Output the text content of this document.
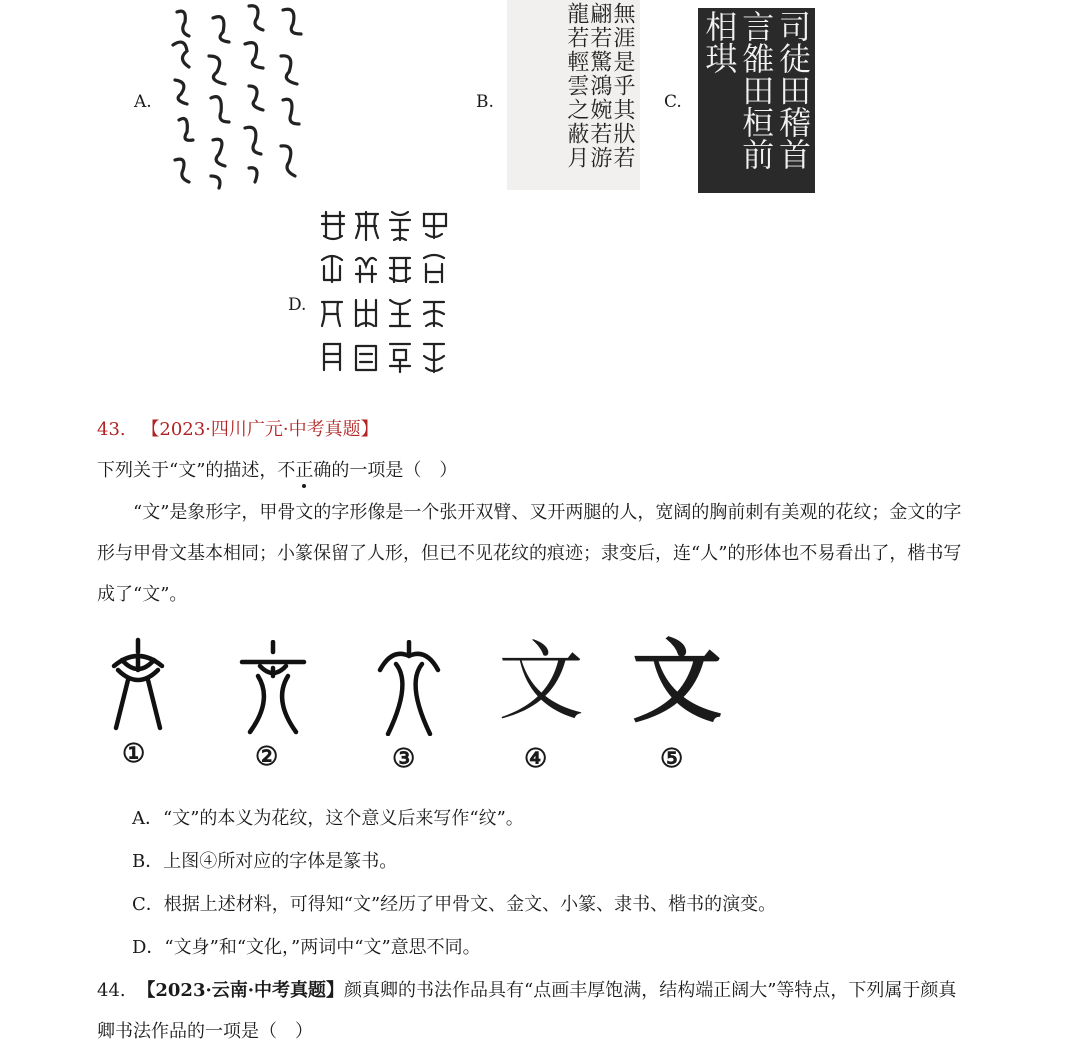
A.	B.	無涯是乎其狀若翩若驚鴻婉若游龍若輕雲之蔽月	C.	司徒田稽首言雒田桓前相琪
D.
43. 【2023·四川广元·中考真题】
下列关于“文”的描述，不正确的一项是（　）
“文”是象形字，甲骨文的字形像是一个张开双臂、叉开两腿的人，宽阔的胸前刺有美观的花纹；金文的字形与甲骨文基本相同；小篆保留了人形，但已不见花纹的痕迹；隶变后，连“人”的形体也不易看出了，楷书写成了“文”。
文 文
①	②	③	④	⑤
A．“文”的本义为花纹，这个意义后来写作“纹”。
B．上图④所对应的字体是篆书。
C．根据上述材料，可得知“文”经历了甲骨文、金文、小篆、隶书、楷书的演变。
D．“文身”和“文化，”两词中“文”意思不同。
44. 【2023·云南·中考真题】颜真卿的书法作品具有“点画丰厚饱满，结构端正阔大”等特点，下列属于颜真
卿书法作品的一项是（　）
